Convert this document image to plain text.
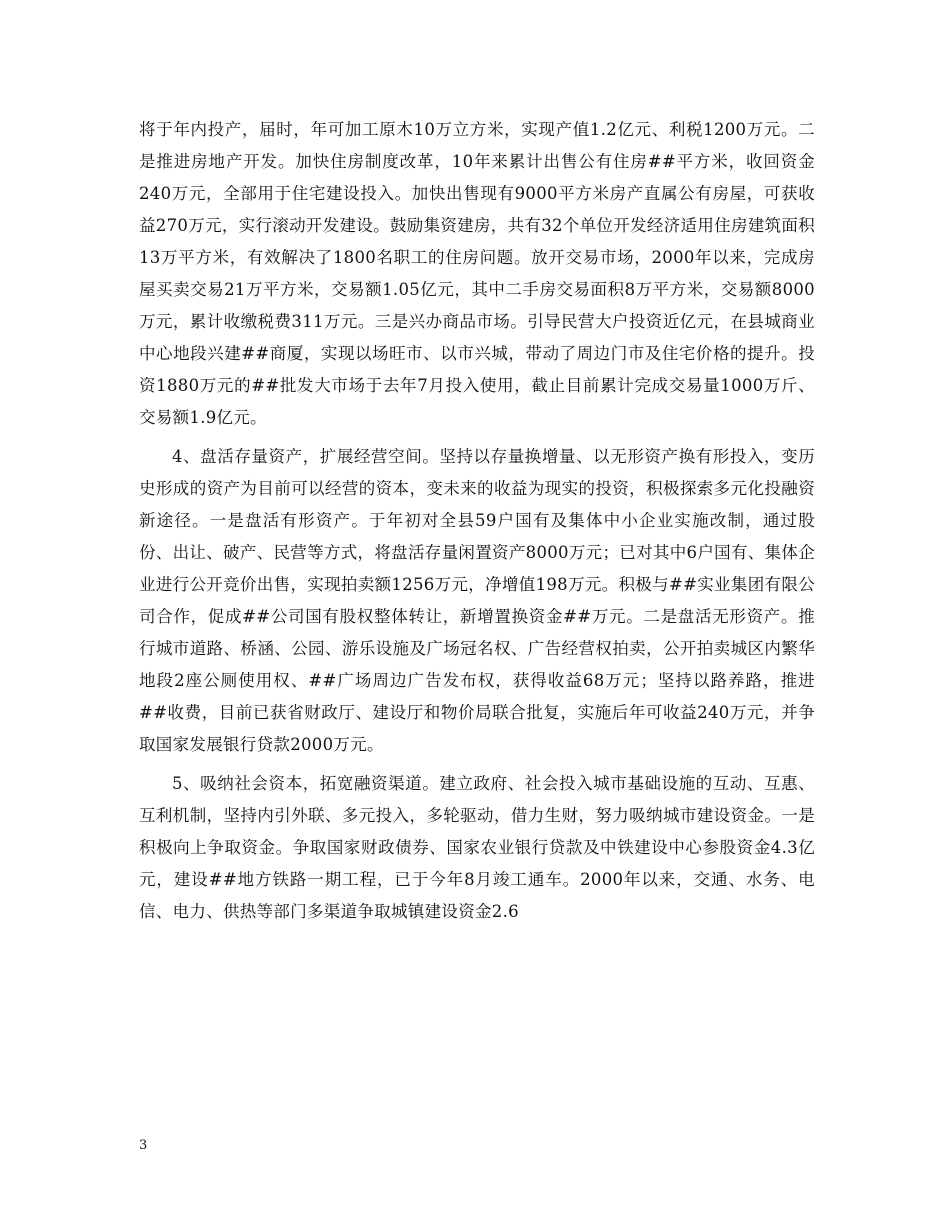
将于年内投产，届时，年可加工原木10万立方米，实现产值1.2亿元、利税1200万元。二是推进房地产开发。加快住房制度改革，10年来累计出售公有住房##平方米，收回资金240万元，全部用于住宅建设投入。加快出售现有9000平方米房产直属公有房屋，可获收益270万元，实行滚动开发建设。鼓励集资建房，共有32个单位开发经济适用住房建筑面积13万平方米，有效解决了1800名职工的住房问题。放开交易市场，2000年以来，完成房屋买卖交易21万平方米，交易额1.05亿元，其中二手房交易面积8万平方米，交易额8000万元，累计收缴税费311万元。三是兴办商品市场。引导民营大户投资近亿元，在县城商业中心地段兴建##商厦，实现以场旺市、以市兴城，带动了周边门市及住宅价格的提升。投资1880万元的##批发大市场于去年7月投入使用，截止目前累计完成交易量1000万斤、交易额1.9亿元。

4、盘活存量资产，扩展经营空间。坚持以存量换增量、以无形资产换有形投入，变历史形成的资产为目前可以经营的资本，变未来的收益为现实的投资，积极探索多元化投融资新途径。一是盘活有形资产。于年初对全县59户国有及集体中小企业实施改制，通过股份、出让、破产、民营等方式，将盘活存量闲置资产8000万元；已对其中6户国有、集体企业进行公开竞价出售，实现拍卖额1256万元，净增值198万元。积极与##实业集团有限公司合作，促成##公司国有股权整体转让，新增置换资金##万元。二是盘活无形资产。推行城市道路、桥涵、公园、游乐设施及广场冠名权、广告经营权拍卖，公开拍卖城区内繁华地段2座公厕使用权、##广场周边广告发布权，获得收益68万元；坚持以路养路，推进##收费，目前已获省财政厅、建设厅和物价局联合批复，实施后年可收益240万元，并争取国家发展银行贷款2000万元。

5、吸纳社会资本，拓宽融资渠道。建立政府、社会投入城市基础设施的互动、互惠、互利机制，坚持内引外联、多元投入，多轮驱动，借力生财，努力吸纳城市建设资金。一是积极向上争取资金。争取国家财政债券、国家农业银行贷款及中铁建设中心参股资金4.3亿元，建设##地方铁路一期工程，已于今年8月竣工通车。2000年以来，交通、水务、电信、电力、供热等部门多渠道争取城镇建设资金2.6

3
